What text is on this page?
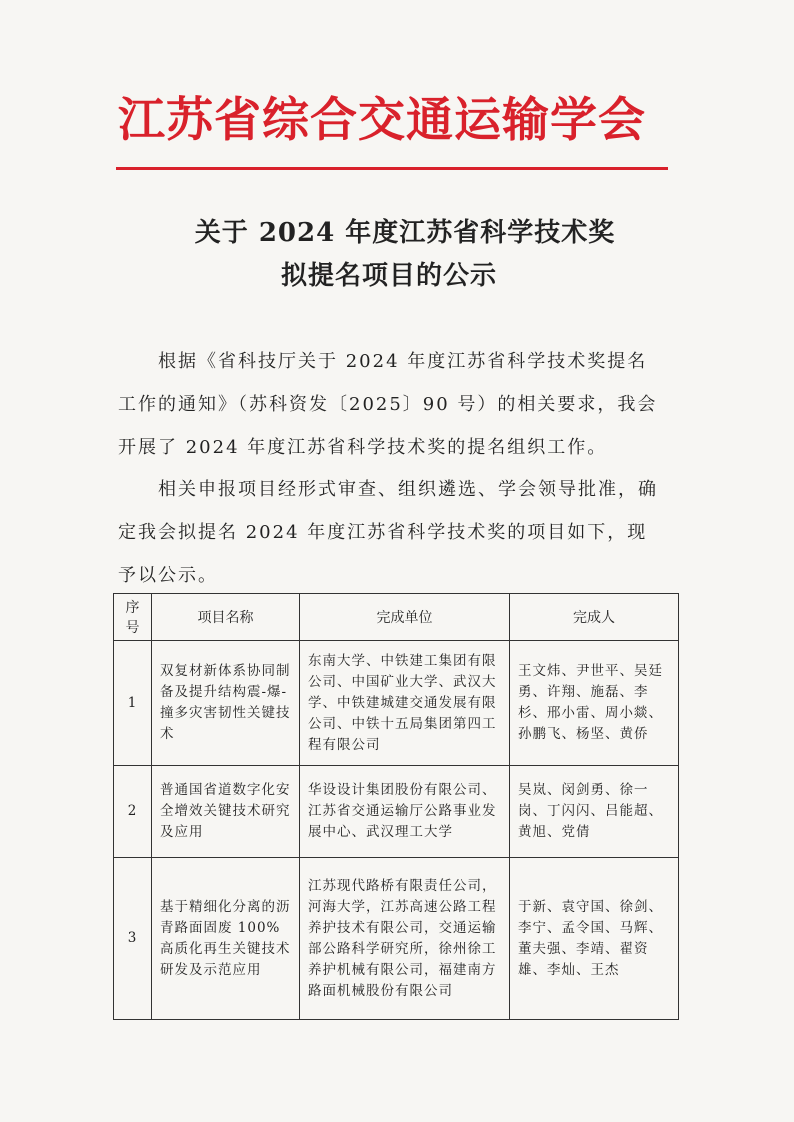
江苏省综合交通运输学会
关于 2024 年度江苏省科学技术奖
拟提名项目的公示

根据《省科技厅关于 2024 年度江苏省科学技术奖提名工作的通知》（苏科资发〔2025〕90 号）的相关要求，我会开展了 2024 年度江苏省科学技术奖的提名组织工作。

相关申报项目经形式审查、组织遴选、学会领导批准，确定我会拟提名 2024 年度江苏省科学技术奖的项目如下，现予以公示。

序号	项目名称	完成单位	完成人
1	双复材新体系协同制备及提升结构震-爆-撞多灾害韧性关键技术	东南大学、中铁建工集团有限公司、中国矿业大学、武汉大学、中铁建城建交通发展有限公司、中铁十五局集团第四工程有限公司	王文炜、尹世平、吴廷勇、许翔、施磊、李杉、邢小雷、周小燚、孙鹏飞、杨坚、黄侨
2	普通国省道数字化安全增效关键技术研究及应用	华设设计集团股份有限公司、江苏省交通运输厅公路事业发展中心、武汉理工大学	吴岚、闵剑勇、徐一岗、丁闪闪、吕能超、黄旭、党倩
3	基于精细化分离的沥青路面固废 100%高质化再生关键技术研发及示范应用	江苏现代路桥有限责任公司，河海大学，江苏高速公路工程养护技术有限公司，交通运输部公路科学研究所，徐州徐工养护机械有限公司，福建南方路面机械股份有限公司	于新、袁守国、徐剑、李宁、孟令国、马辉、董夫强、李靖、翟资雄、李灿、王杰
